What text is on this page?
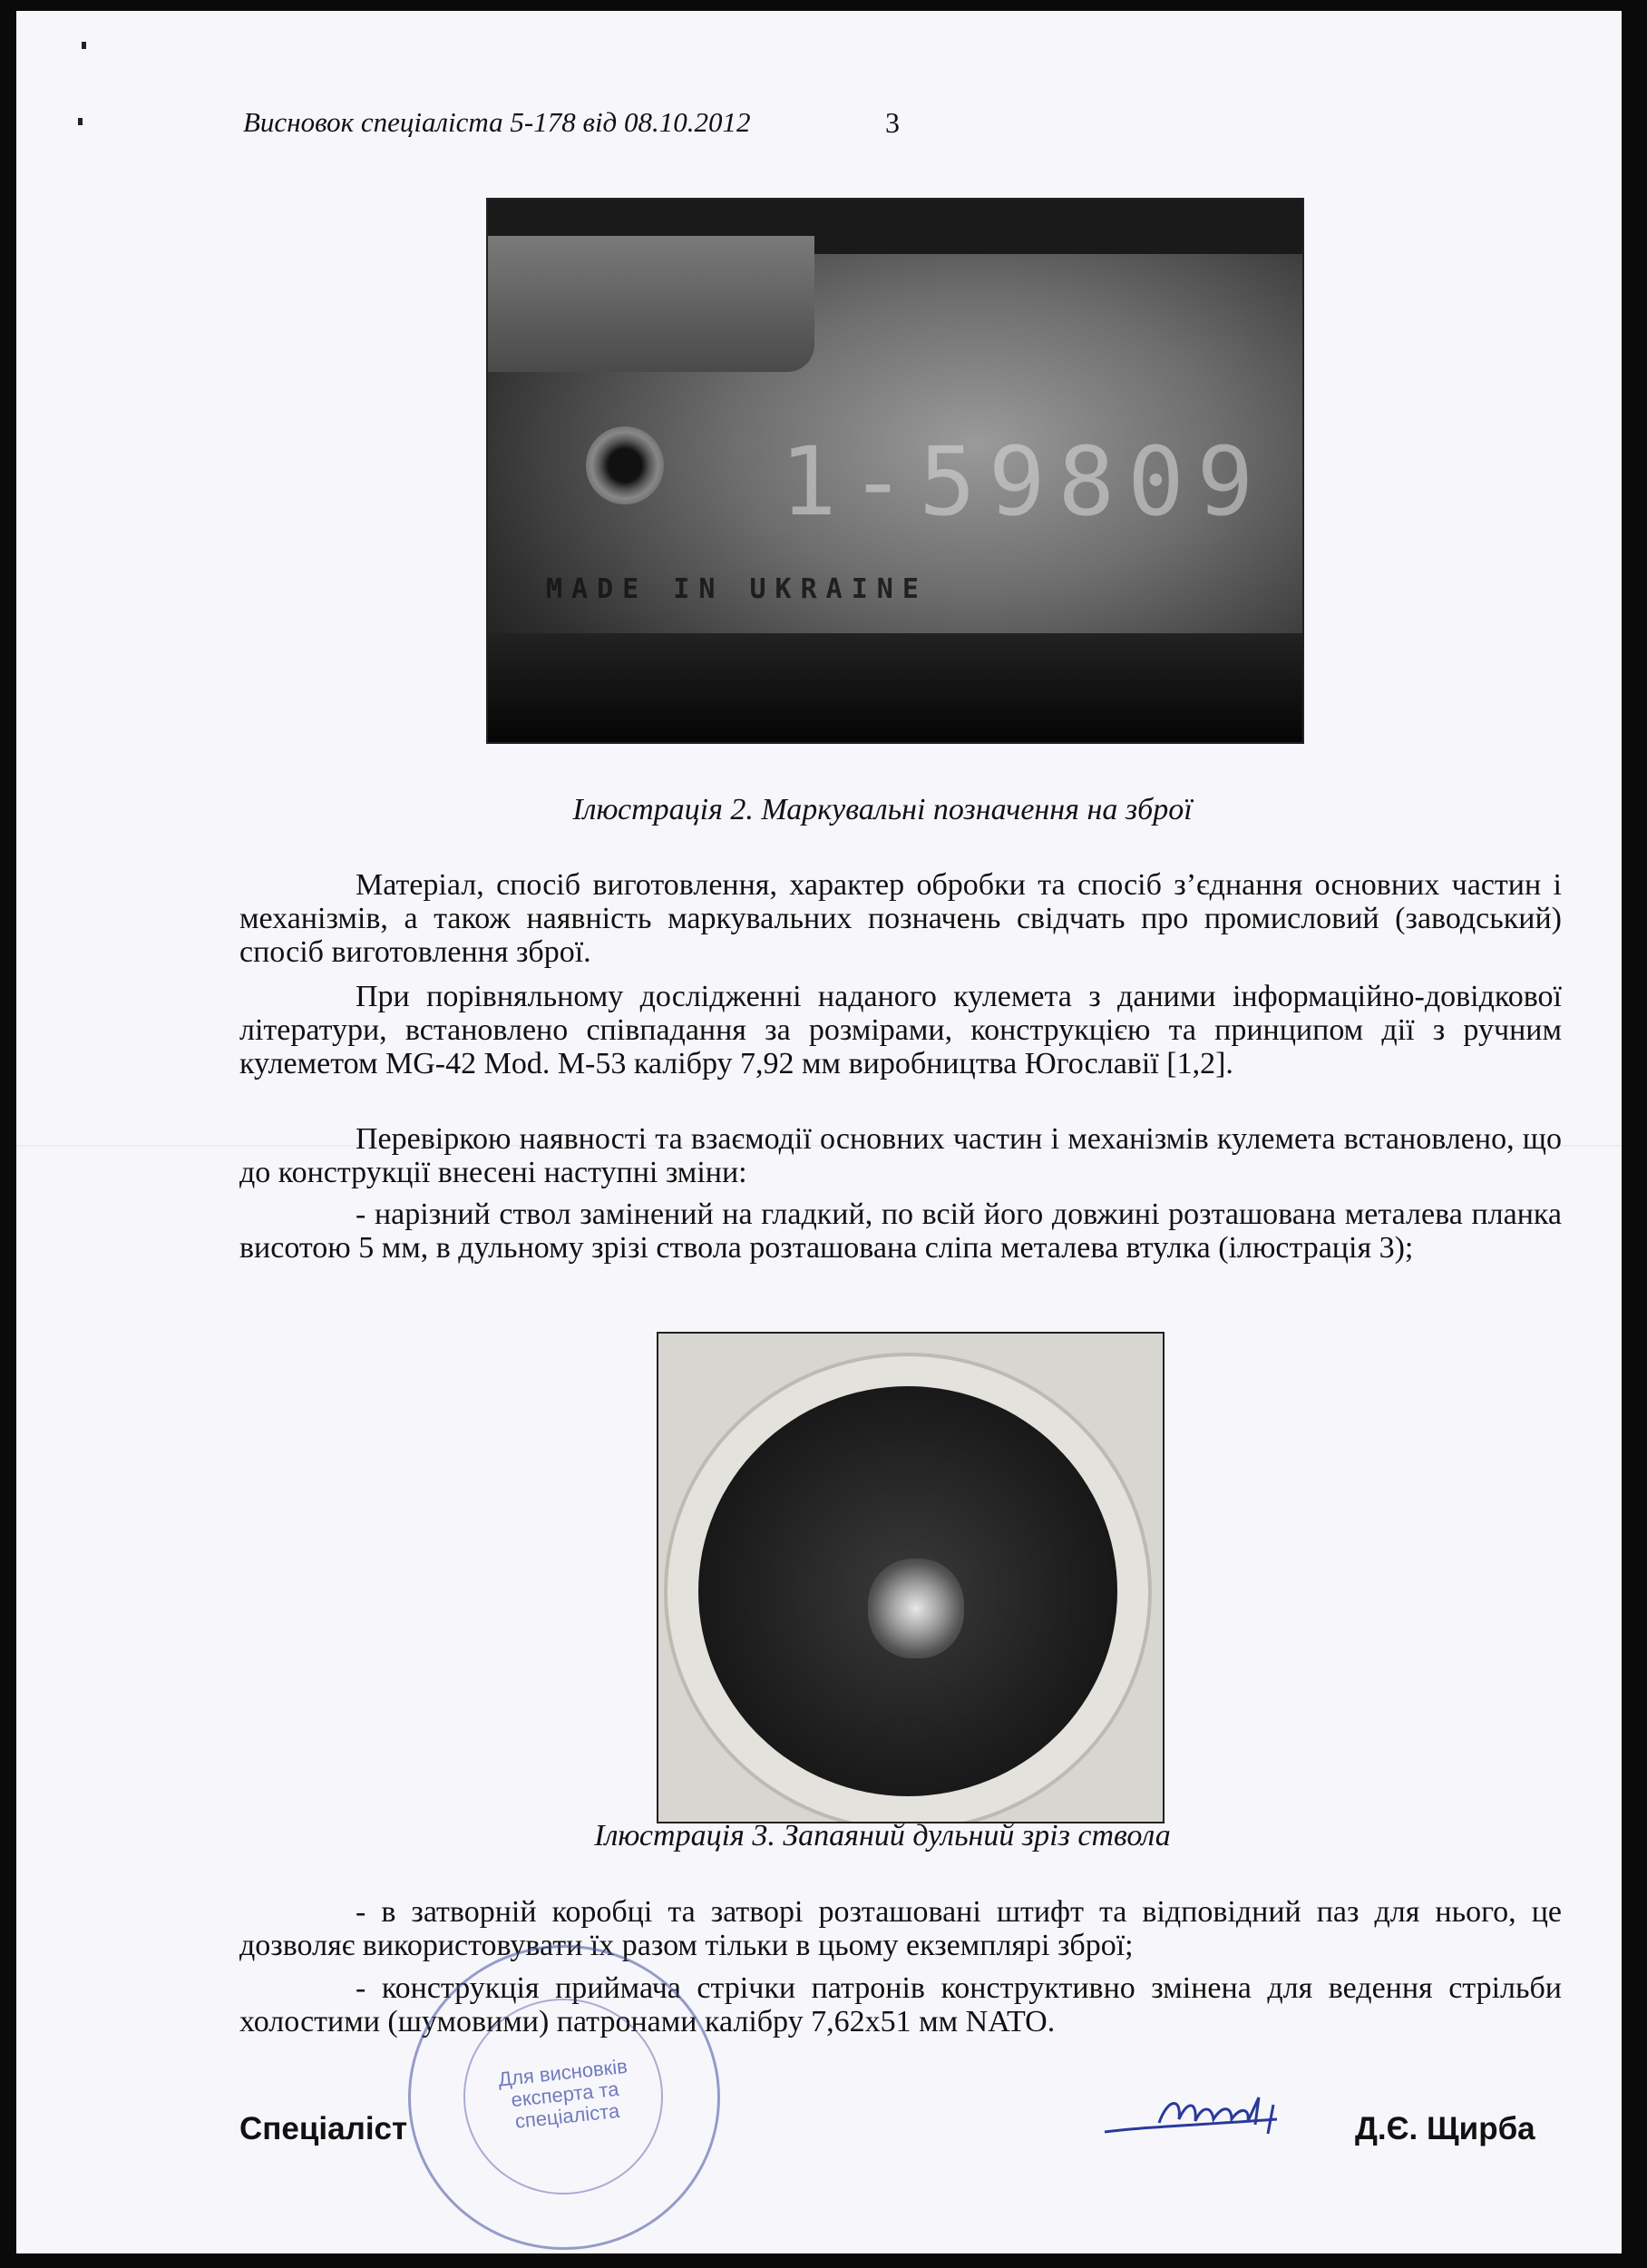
Висновок спеціаліста 5-178 від 08.10.2012	3
1-59809
MADE IN UKRAINE
Ілюстрація 2. Маркувальні позначення на зброї
Матеріал, спосіб виготовлення, характер обробки та спосіб з’єднання основних частин і механізмів, а також наявність маркувальних позначень свідчать про промисловий (заводський) спосіб виготовлення зброї.
При порівняльному дослідженні наданого кулемета з даними інформаційно-довідкової літератури, встановлено співпадання за розмірами, конструкцією та принципом дії з ручним кулеметом MG-42 Mod. M-53 калібру 7,92 мм виробництва Югославії [1,2].
Перевіркою наявності та взаємодії основних частин і механізмів кулемета встановлено, що до конструкції внесені наступні зміни:
- нарізний ствол замінений на гладкий, по всій його довжині розташована металева планка висотою 5 мм, в дульному зрізі ствола розташована сліпа металева втулка (ілюстрація 3);
Ілюстрація 3. Запаяний дульний зріз ствола
- в затворній коробці та затворі розташовані штифт та відповідний паз для нього, це дозволяє використовувати їх разом тільки в цьому екземплярі зброї;
- конструкція приймача стрічки патронів конструктивно змінена для ведення стрільби холостими (шумовими) патронами калібру 7,62х51 мм NATO.
Для висновків експерта та спеціаліста
Спеціаліст	Д.Є. Щирба
